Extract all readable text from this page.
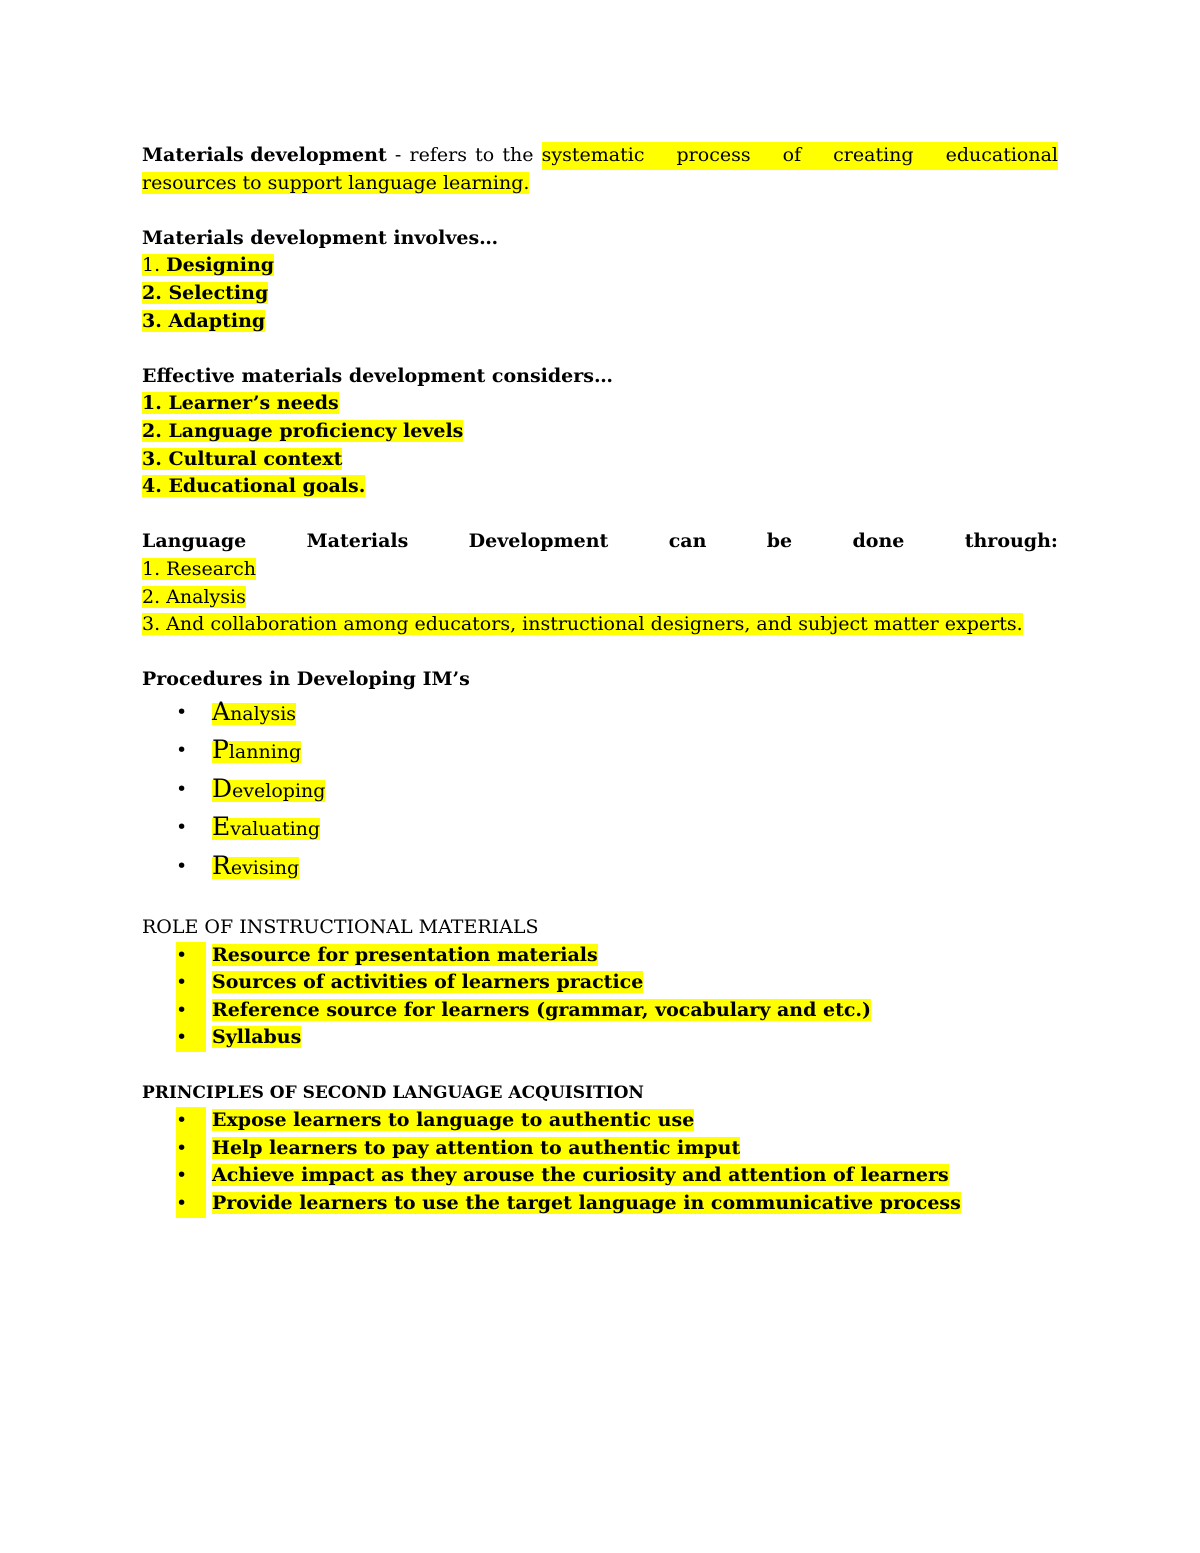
Materials development - refers to the systematic process of creating educational

resources to support language learning.

Materials development involves…

1. Designing

2. Selecting

3. Adapting

Effective materials development considers…

1. Learner’s needs

2. Language proficiency levels

3. Cultural context

4. Educational goals.

Language	Materials	Development	can	be	done	through:

1. Research

2. Analysis

3. And collaboration among educators, instructional designers, and subject matter experts.

Procedures in Developing IM’s

• Analysis
• Planning
• Developing
• Evaluating
• Revising

ROLE OF INSTRUCTIONAL MATERIALS

•	Resource for presentation materials
•	Sources of activities of learners practice
•	Reference source for learners (grammar, vocabulary and etc.)
•	Syllabus

PRINCIPLES OF SECOND LANGUAGE ACQUISITION

•	Expose learners to language to authentic use
•	Help learners to pay attention to authentic imput
•	Achieve impact as they arouse the curiosity and attention of learners
•	Provide learners to use the target language in communicative process
